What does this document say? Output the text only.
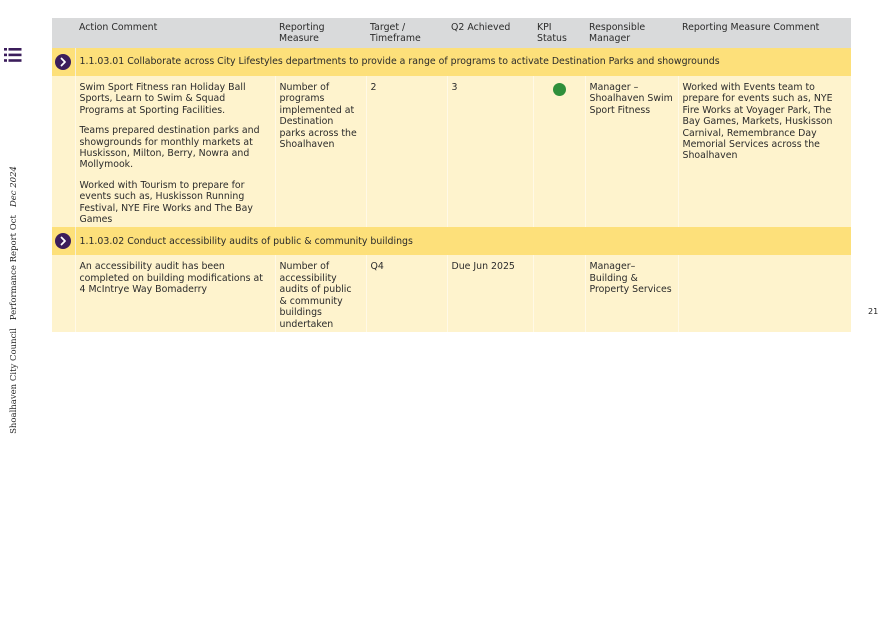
Shoalhaven City CouncilPerformance Report OctDec 2024
21
	Action Comment	Reporting Measure	Target / Timeframe	Q2 Achieved	KPI Status	Responsible Manager	Reporting Measure Comment

	1.1.03.01 Collaborate across City Lifestyles departments to provide a range of programs to activate Destination Parks and showgrounds						

	Swim Sport Fitness ran Holiday Ball Sports, Learn to Swim & Squad Programs at Sporting Facilities.

Teams prepared destination parks and showgrounds for monthly markets at Huskisson, Milton, Berry, Nowra and Mollymook.

Worked with Tourism to prepare for events such as, Huskisson Running Festival, NYE Fire Works and The Bay Games	Number of programs implemented at Destination parks across the Shoalhaven	2	3		Manager – Shoalhaven Swim Sport Fitness	Worked with Events team to prepare for events such as, NYE Fire Works at Voyager Park, The Bay Games, Markets, Huskisson Carnival, Remembrance Day Memorial Services across the Shoalhaven

	1.1.03.02 Conduct accessibility audits of public & community buildings						

	An accessibility audit has been completed on building modifications at 4 McIntrye Way Bomaderry	Number of accessibility audits of public & community buildings undertaken	Q4	Due Jun 2025		Manager– Building & Property Services	
